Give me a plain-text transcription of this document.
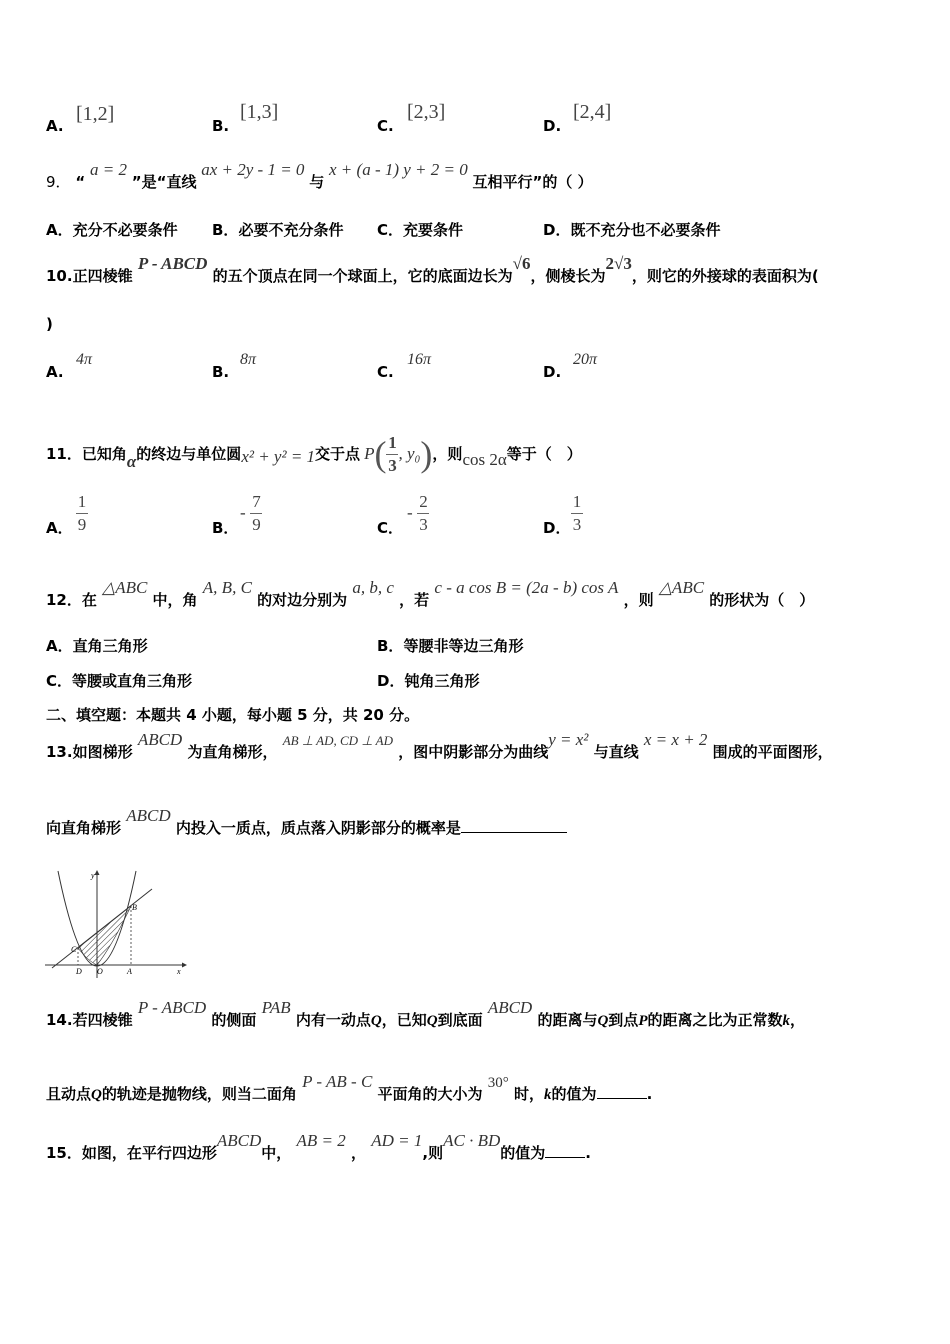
A.
[1,2]
B.
[1,3]
C.
[2,3]
D.
[2,4]
9． “ a = 2 ”是“直线 ax + 2y - 1 = 0 与 x + (a - 1) y + 2 = 0 互相平行”的（ ）
A．充分不必要条件 B．必要不充分条件 C．充要条件	D．既不充分也不必要条件
10.正四棱锥 P - ABCD 的五个顶点在同一个球面上，它的底面边长为√6，侧棱长为2√3，则它的外接球的表面积为(
)
A.
4π
B.
8π
C.
16π
D.
20π
11． 已知角 α 的终边与单位圆 x² + y² = 1 交于点 P ( $\frac{1}{3}$ , y₀ ) ，则 cos 2α 等于（　）
A． $\frac{1}{9}$	B．
- $\frac{7}{9}$	C．
- $\frac{2}{3}$	D． $\frac{1}{3}$
12．在 △ABC 中，角 A, B, C 的对边分别为 a, b, c ，若 c - a cos B = (2a - b) cos A ，则 △ABC 的形状为（　）
A．直角三角形	B．等腰非等边三角形
C．等腰或直角三角形	D．钝角三角形
二、填空题：本题共 4 小题，每小题 5 分，共 20 分。
13.如图梯形 ABCD 为直角梯形， AB ⊥ AD, CD ⊥ AD ，图中阴影部分为曲线y = x² 与直线 x = x + 2 围成的平面图形，
向直角梯形 ABCD 内投入一质点，质点落入阴影部分的概率是
y
x
B
C
D O	A
14.若四棱锥 P - ABCD 的侧面 PAB 内有一动点Q，已知Q到底面 ABCD 的距离与Q到点P的距离之比为正常数k，
且动点Q的轨迹是抛物线，则当二面角 P - AB - C 平面角的大小为 30° 时，k的值为	.
15．如图，在平行四边形ABCD中， AB = 2 ， AD = 1,则AC · BD的值为	.
